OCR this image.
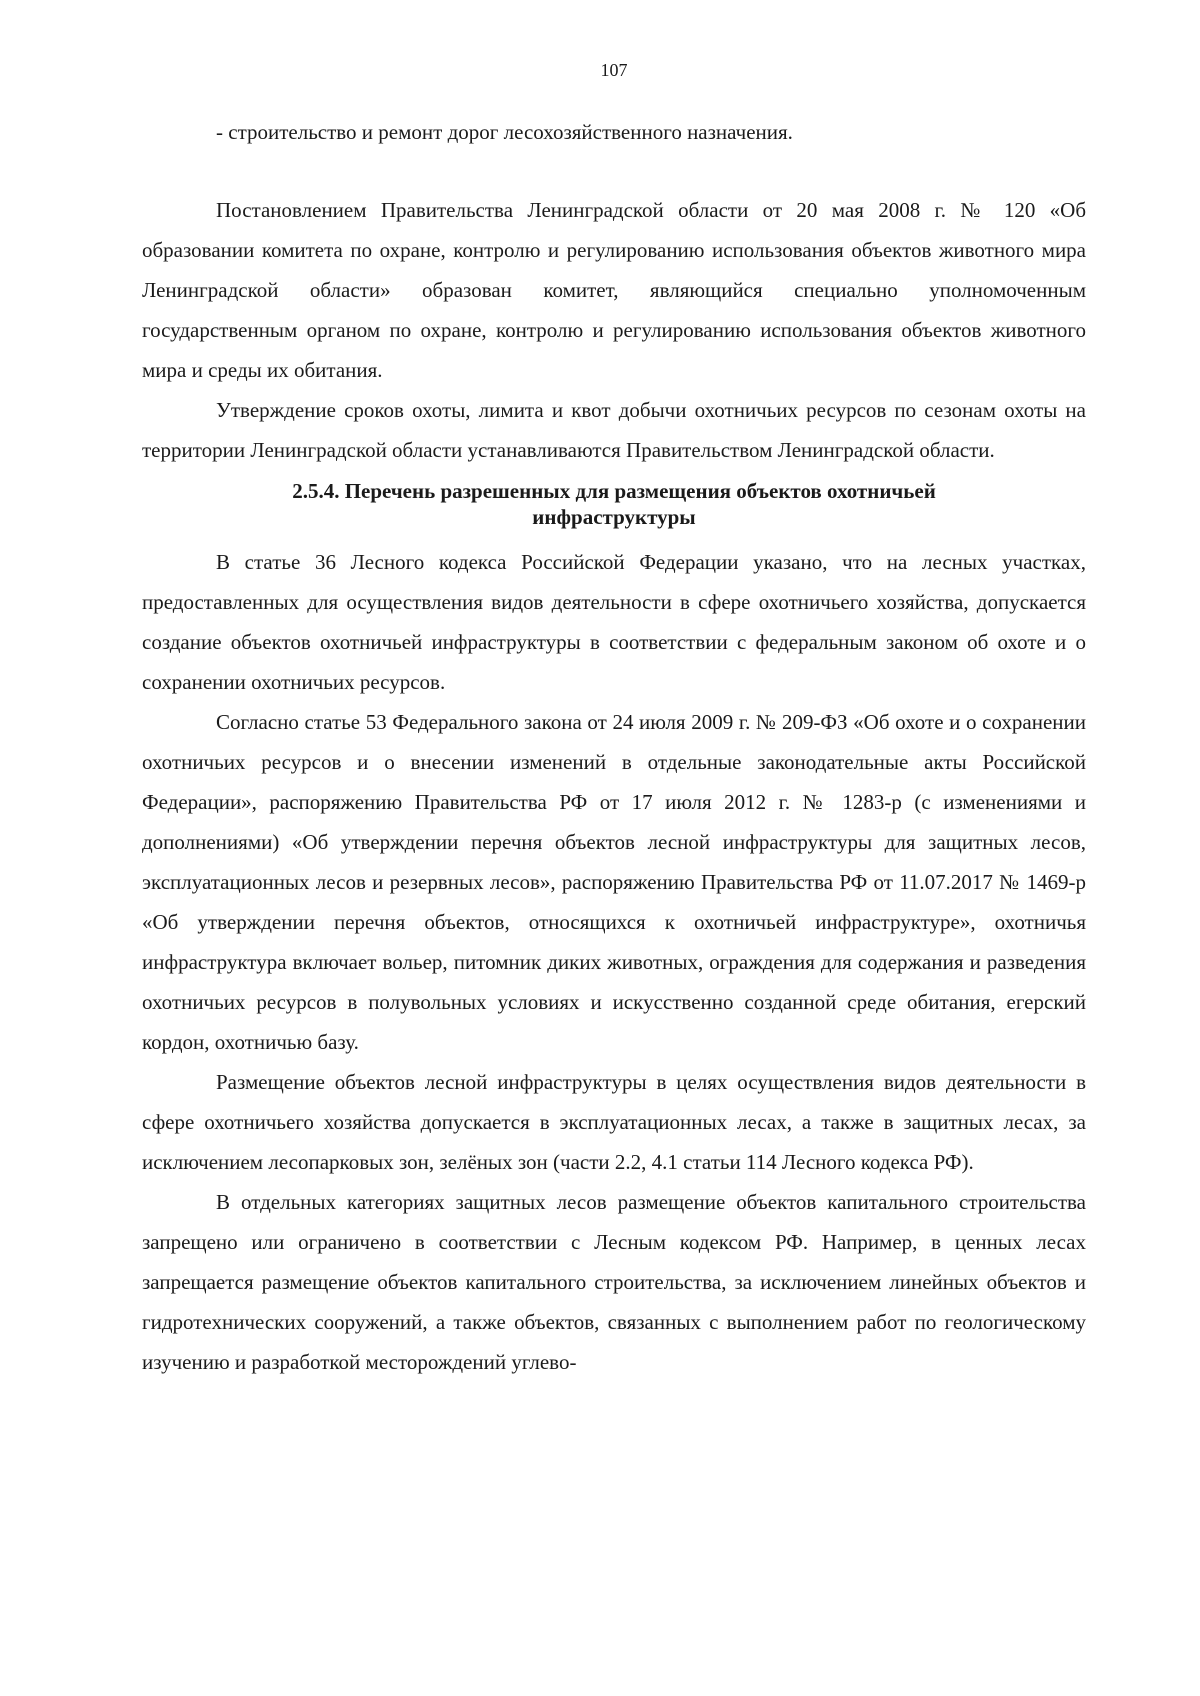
107

- строительство и ремонт дорог лесохозяйственного назначения.

Постановлением Правительства Ленинградской области от 20 мая 2008 г. № 120 «Об образовании комитета по охране, контролю и регулированию использования объектов животного мира Ленинградской области» образован комитет, являющийся специально уполномоченным государственным органом по охране, контролю и регулированию использования объектов животного мира и среды их обитания.

Утверждение сроков охоты, лимита и квот добычи охотничьих ресурсов по сезонам охоты на территории Ленинградской области устанавливаются Правительством Ленинградской области.

2.5.4. Перечень разрешенных для размещения объектов охотничьей инфраструктуры

В статье 36 Лесного кодекса Российской Федерации указано, что на лесных участках, предоставленных для осуществления видов деятельности в сфере охотничьего хозяйства, допускается создание объектов охотничьей инфраструктуры в соответствии с федеральным законом об охоте и о сохранении охотничьих ресурсов.

Согласно статье 53 Федерального закона от 24 июля 2009 г. № 209-ФЗ «Об охоте и о сохранении охотничьих ресурсов и о внесении изменений в отдельные законодательные акты Российской Федерации», распоряжению Правительства РФ от 17 июля 2012 г. № 1283-р (с изменениями и дополнениями) «Об утверждении перечня объектов лесной инфраструктуры для защитных лесов, эксплуатационных лесов и резервных лесов», распоряжению Правительства РФ от 11.07.2017 № 1469-р «Об утверждении перечня объектов, относящихся к охотничьей инфраструктуре», охотничья инфраструктура включает вольер, питомник диких животных, ограждения для содержания и разведения охотничьих ресурсов в полувольных условиях и искусственно созданной среде обитания, егерский кордон, охотничью базу.

Размещение объектов лесной инфраструктуры в целях осуществления видов деятельности в сфере охотничьего хозяйства допускается в эксплуатационных лесах, а также в защитных лесах, за исключением лесопарковых зон, зелёных зон (части 2.2, 4.1 статьи 114 Лесного кодекса РФ).

В отдельных категориях защитных лесов размещение объектов капитального строительства запрещено или ограничено в соответствии с Лесным кодексом РФ. Например, в ценных лесах запрещается размещение объектов капитального строительства, за исключением линейных объектов и гидротехнических сооружений, а также объектов, связанных с выполнением работ по геологическому изучению и разработкой месторождений углево-
